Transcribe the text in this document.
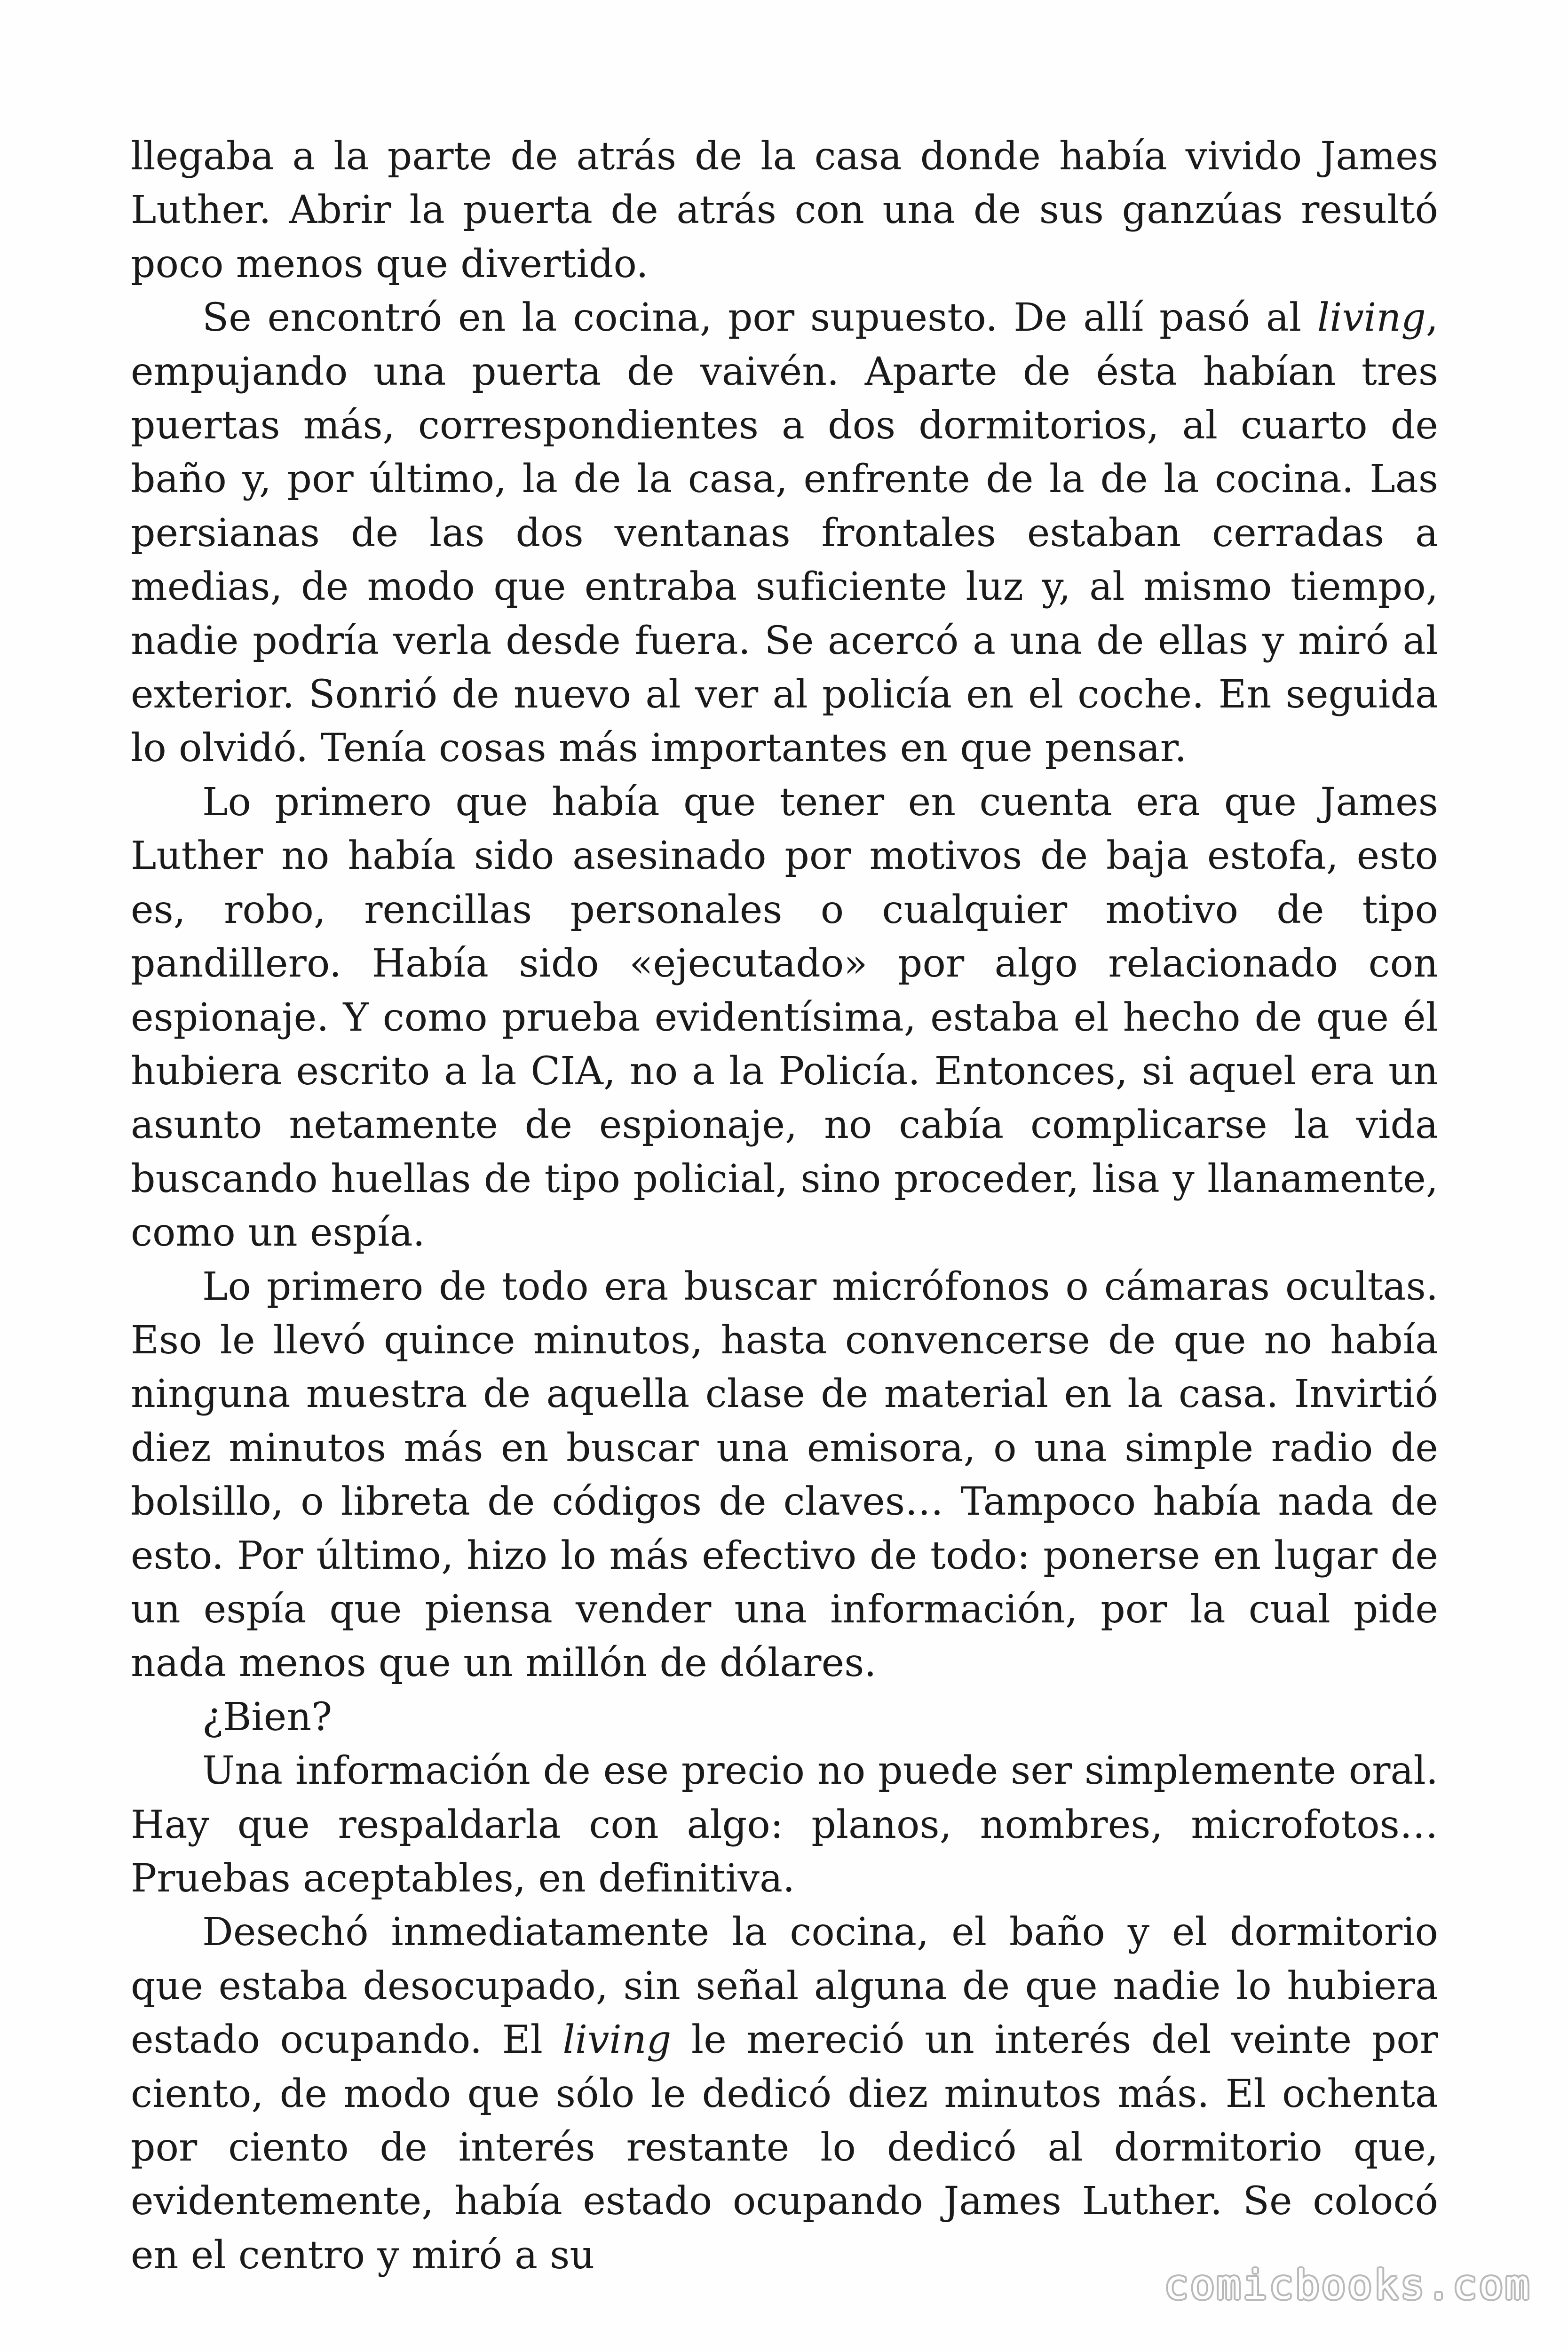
llegaba a la parte de atrás de la casa donde había vivido James Luther. Abrir la puerta de atrás con una de sus ganzúas resultó poco menos que divertido.

Se encontró en la cocina, por supuesto. De allí pasó al living, empujando una puerta de vaivén. Aparte de ésta habían tres puertas más, correspondientes a dos dormitorios, al cuarto de baño y, por último, la de la casa, enfrente de la de la cocina. Las persianas de las dos ventanas frontales estaban cerradas a medias, de modo que entraba suficiente luz y, al mismo tiempo, nadie podría verla desde fuera. Se acercó a una de ellas y miró al exterior. Sonrió de nuevo al ver al policía en el coche. En seguida lo olvidó. Tenía cosas más importantes en que pensar.

Lo primero que había que tener en cuenta era que James Luther no había sido asesinado por motivos de baja estofa, esto es, robo, rencillas personales o cualquier motivo de tipo pandillero. Había sido «ejecutado» por algo relacionado con espionaje. Y como prueba evidentísima, estaba el hecho de que él hubiera escrito a la CIA, no a la Policía. Entonces, si aquel era un asunto netamente de espionaje, no cabía complicarse la vida buscando huellas de tipo policial, sino proceder, lisa y llanamente, como un espía.

Lo primero de todo era buscar micrófonos o cámaras ocultas. Eso le llevó quince minutos, hasta convencerse de que no había ninguna muestra de aquella clase de material en la casa. Invirtió diez minutos más en buscar una emisora, o una simple radio de bolsillo, o libreta de códigos de claves… Tampoco había nada de esto. Por último, hizo lo más efectivo de todo: ponerse en lugar de un espía que piensa vender una información, por la cual pide nada menos que un millón de dólares.

¿Bien?

Una información de ese precio no puede ser simplemente oral. Hay que respaldarla con algo: planos, nombres, microfotos… Pruebas aceptables, en definitiva.

Desechó inmediatamente la cocina, el baño y el dormitorio que estaba desocupado, sin señal alguna de que nadie lo hubiera estado ocupando. El living le mereció un interés del veinte por ciento, de modo que sólo le dedicó diez minutos más. El ochenta por ciento de interés restante lo dedicó al dormitorio que, evidentemente, había estado ocupando James Luther. Se colocó en el centro y miró a su

comicbooks.com
